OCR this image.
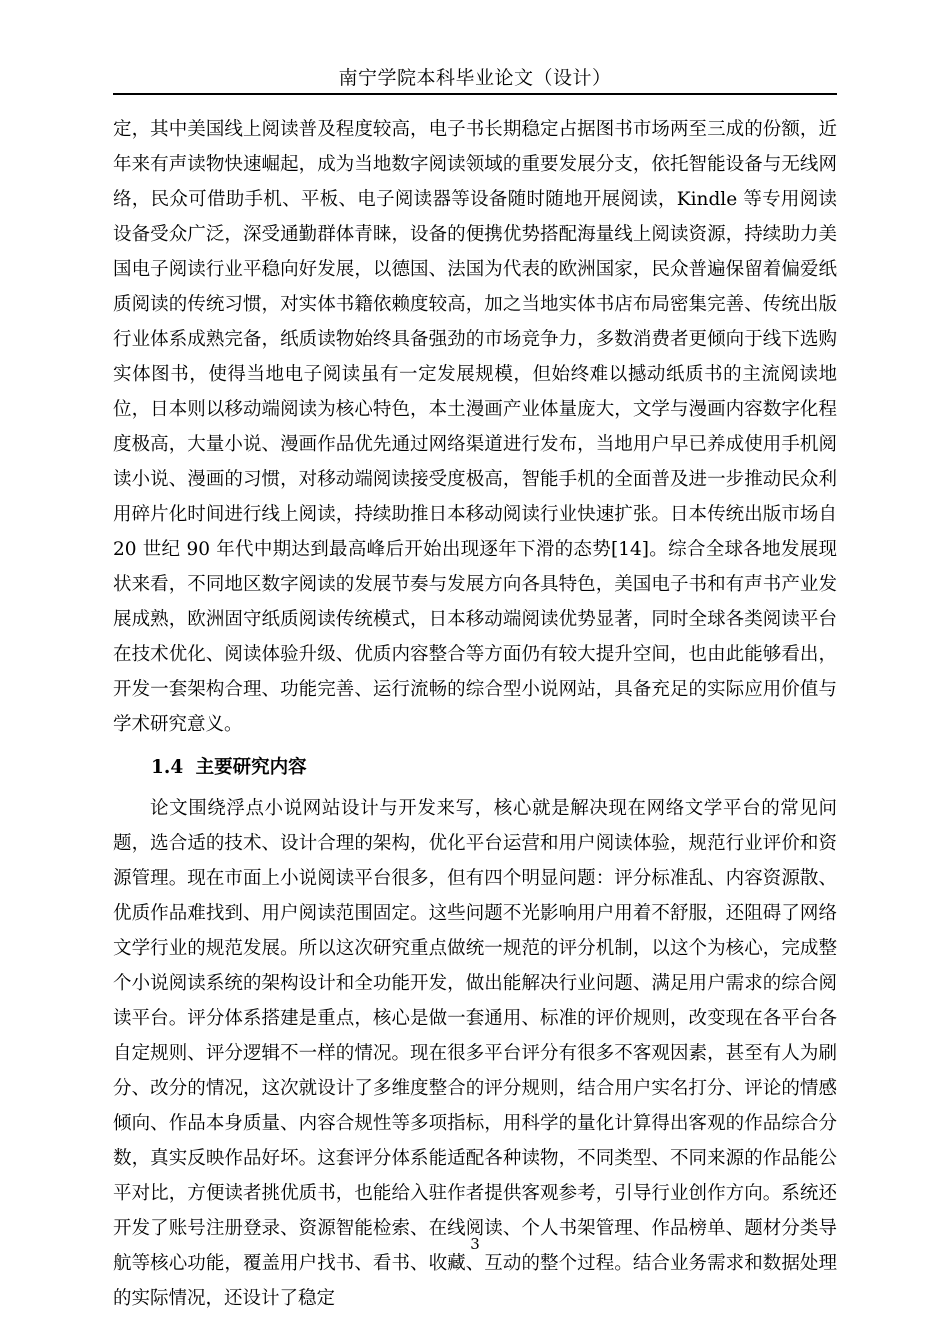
南宁学院本科毕业论文（设计）

定，其中美国线上阅读普及程度较高，电子书长期稳定占据图书市场两至三成的份额，近年来有声读物快速崛起，成为当地数字阅读领域的重要发展分支，依托智能设备与无线网络，民众可借助手机、平板、电子阅读器等设备随时随地开展阅读，Kindle 等专用阅读设备受众广泛，深受通勤群体青睐，设备的便携优势搭配海量线上阅读资源，持续助力美国电子阅读行业平稳向好发展，以德国、法国为代表的欧洲国家，民众普遍保留着偏爱纸质阅读的传统习惯，对实体书籍依赖度较高，加之当地实体书店布局密集完善、传统出版行业体系成熟完备，纸质读物始终具备强劲的市场竞争力，多数消费者更倾向于线下选购实体图书，使得当地电子阅读虽有一定发展规模，但始终难以撼动纸质书的主流阅读地位，日本则以移动端阅读为核心特色，本土漫画产业体量庞大，文学与漫画内容数字化程度极高，大量小说、漫画作品优先通过网络渠道进行发布，当地用户早已养成使用手机阅读小说、漫画的习惯，对移动端阅读接受度极高，智能手机的全面普及进一步推动民众利用碎片化时间进行线上阅读，持续助推日本移动阅读行业快速扩张。日本传统出版市场自 20 世纪 90 年代中期达到最高峰后开始出现逐年下滑的态势[14]。综合全球各地发展现状来看，不同地区数字阅读的发展节奏与发展方向各具特色，美国电子书和有声书产业发展成熟，欧洲固守纸质阅读传统模式，日本移动端阅读优势显著，同时全球各类阅读平台在技术优化、阅读体验升级、优质内容整合等方面仍有较大提升空间，也由此能够看出，开发一套架构合理、功能完善、运行流畅的综合型小说网站，具备充足的实际应用价值与学术研究意义。

1.4 主要研究内容

论文围绕浮点小说网站设计与开发来写，核心就是解决现在网络文学平台的常见问题，选合适的技术、设计合理的架构，优化平台运营和用户阅读体验，规范行业评价和资源管理。现在市面上小说阅读平台很多，但有四个明显问题：评分标准乱、内容资源散、优质作品难找到、用户阅读范围固定。这些问题不光影响用户用着不舒服，还阻碍了网络文学行业的规范发展。所以这次研究重点做统一规范的评分机制，以这个为核心，完成整个小说阅读系统的架构设计和全功能开发，做出能解决行业问题、满足用户需求的综合阅读平台。评分体系搭建是重点，核心是做一套通用、标准的评价规则，改变现在各平台各自定规则、评分逻辑不一样的情况。现在很多平台评分有很多不客观因素，甚至有人为刷分、改分的情况，这次就设计了多维度整合的评分规则，结合用户实名打分、评论的情感倾向、作品本身质量、内容合规性等多项指标，用科学的量化计算得出客观的作品综合分数，真实反映作品好坏。这套评分体系能适配各种读物，不同类型、不同来源的作品能公平对比，方便读者挑优质书，也能给入驻作者提供客观参考，引导行业创作方向。系统还开发了账号注册登录、资源智能检索、在线阅读、个人书架管理、作品榜单、题材分类导航等核心功能，覆盖用户找书、看书、收藏、互动的整个过程。结合业务需求和数据处理的实际情况，还设计了稳定

3
